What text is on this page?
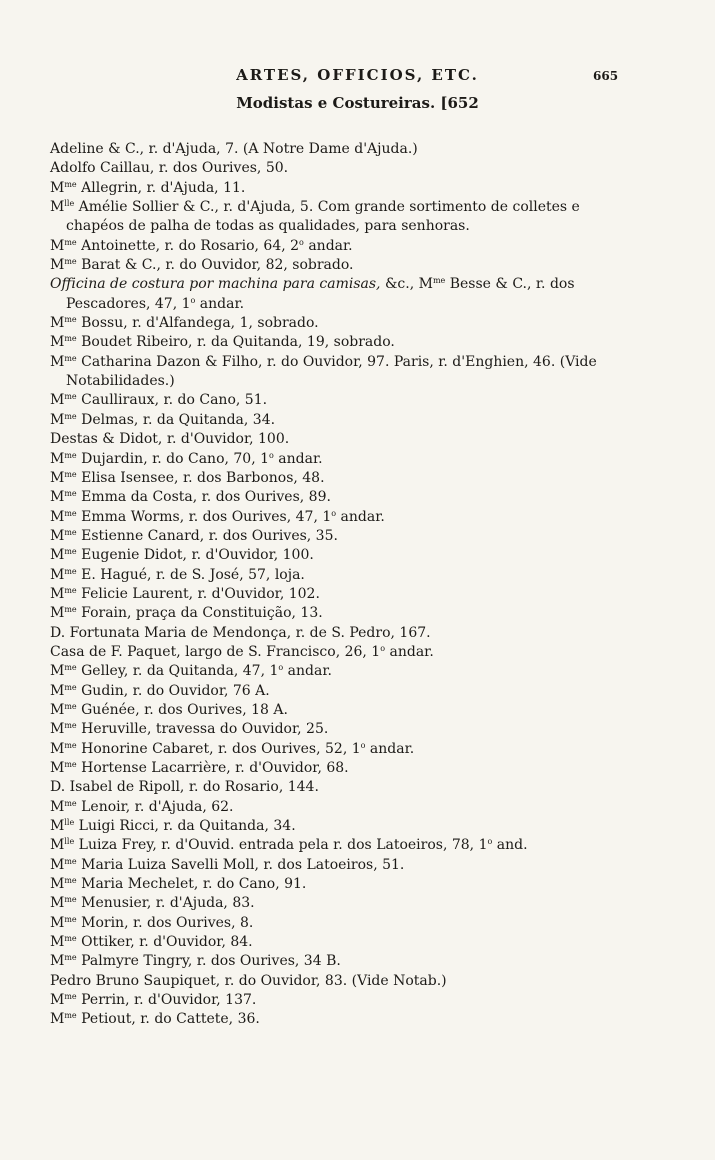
ARTES, OFFICIOS, ETC.	665
Modistas e Costureiras. [652

Adeline & C., r. d'Ajuda, 7. (A Notre Dame d'Ajuda.)

Adolfo Caillau, r. dos Ourives, 50.

$M^{me}$ Allegrin, r. d'Ajuda, 11.

$M^{lle}$ Amélie Sollier & C., r. d'Ajuda, 5. Com grande sortimento de colletes e chapéos de palha de todas as qualidades, para senhoras.

$M^{me}$ Antoinette, r. do Rosario, 64, 2$^o$ andar.

$M^{me}$ Barat & C., r. do Ouvidor, 82, sobrado.

Officina de costura por machina para camisas, &c., $M^{me}$ Besse & C., r. dos Pescadores, 47, 1$^o$ andar.

$M^{me}$ Bossu, r. d'Alfandega, 1, sobrado.

$M^{me}$ Boudet Ribeiro, r. da Quitanda, 19, sobrado.

$M^{me}$ Catharina Dazon & Filho, r. do Ouvidor, 97. Paris, r. d'Enghien, 46. (Vide Notabilidades.)

$M^{me}$ Caulliraux, r. do Cano, 51.

$M^{me}$ Delmas, r. da Quitanda, 34.

Destas & Didot, r. d'Ouvidor, 100.

$M^{me}$ Dujardin, r. do Cano, 70, 1$^o$ andar.

$M^{me}$ Elisa Isensee, r. dos Barbonos, 48.

$M^{me}$ Emma da Costa, r. dos Ourives, 89.

$M^{me}$ Emma Worms, r. dos Ourives, 47, 1$^o$ andar.

$M^{me}$ Estienne Canard, r. dos Ourives, 35.

$M^{me}$ Eugenie Didot, r. d'Ouvidor, 100.

$M^{me}$ E. Hagué, r. de S. José, 57, loja.

$M^{me}$ Felicie Laurent, r. d'Ouvidor, 102.

$M^{me}$ Forain, praça da Constituição, 13.

D. Fortunata Maria de Mendonça, r. de S. Pedro, 167.

Casa de F. Paquet, largo de S. Francisco, 26, 1$^o$ andar.

$M^{me}$ Gelley, r. da Quitanda, 47, 1$^o$ andar.

$M^{me}$ Gudin, r. do Ouvidor, 76 A.

$M^{me}$ Guénée, r. dos Ourives, 18 A.

$M^{me}$ Heruville, travessa do Ouvidor, 25.

$M^{me}$ Honorine Cabaret, r. dos Ourives, 52, 1$^o$ andar.

$M^{me}$ Hortense Lacarrière, r. d'Ouvidor, 68.

D. Isabel de Ripoll, r. do Rosario, 144.

$M^{me}$ Lenoir, r. d'Ajuda, 62.

$M^{lle}$ Luigi Ricci, r. da Quitanda, 34.

$M^{lle}$ Luiza Frey, r. d'Ouvid. entrada pela r. dos Latoeiros, 78, 1$^o$ and.

$M^{me}$ Maria Luiza Savelli Moll, r. dos Latoeiros, 51.

$M^{me}$ Maria Mechelet, r. do Cano, 91.

$M^{me}$ Menusier, r. d'Ajuda, 83.

$M^{me}$ Morin, r. dos Ourives, 8.

$M^{me}$ Ottiker, r. d'Ouvidor, 84.

$M^{me}$ Palmyre Tingry, r. dos Ourives, 34 B.

Pedro Bruno Saupiquet, r. do Ouvidor, 83. (Vide Notab.)

$M^{me}$ Perrin, r. d'Ouvidor, 137.

$M^{me}$ Petiout, r. do Cattete, 36.
